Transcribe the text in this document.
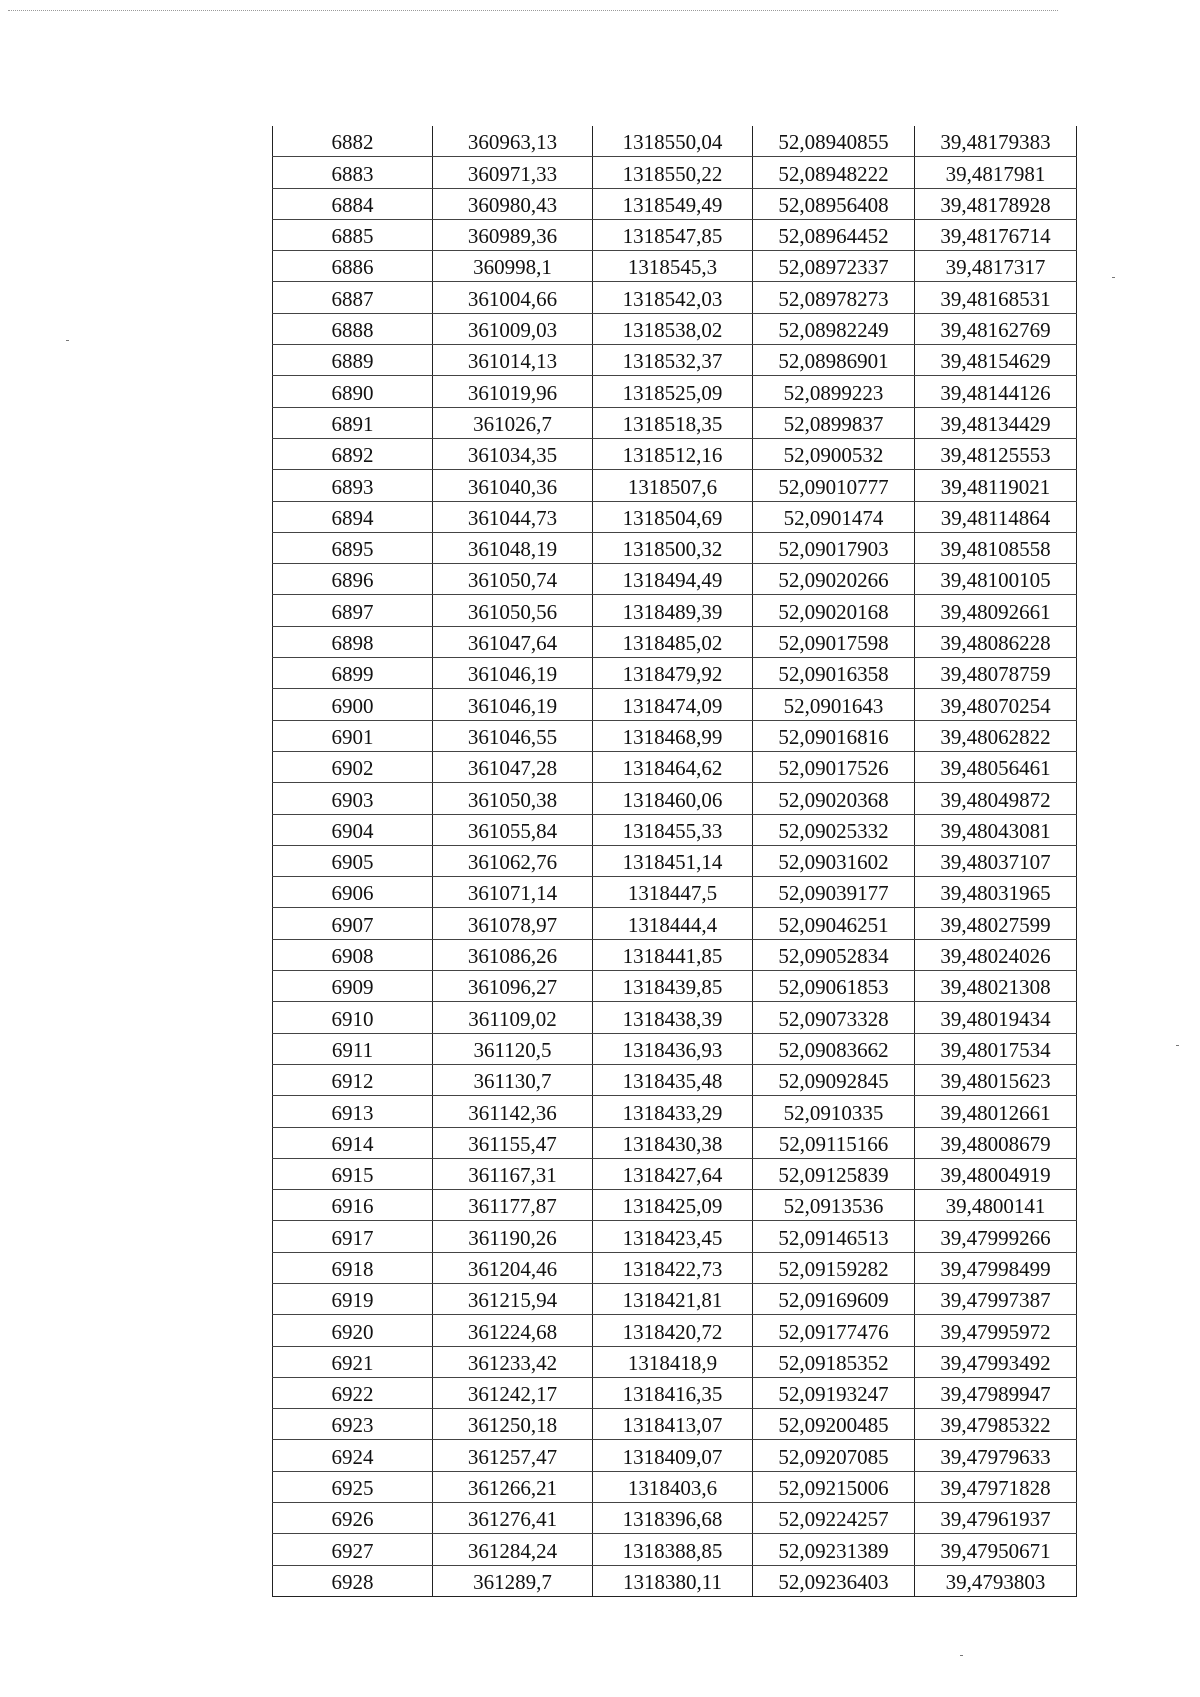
6882	360963,13	1318550,04	52,08940855	39,48179383
6883	360971,33	1318550,22	52,08948222	39,4817981
6884	360980,43	1318549,49	52,08956408	39,48178928
6885	360989,36	1318547,85	52,08964452	39,48176714
6886	360998,1	1318545,3	52,08972337	39,4817317
6887	361004,66	1318542,03	52,08978273	39,48168531
6888	361009,03	1318538,02	52,08982249	39,48162769
6889	361014,13	1318532,37	52,08986901	39,48154629
6890	361019,96	1318525,09	52,0899223	39,48144126
6891	361026,7	1318518,35	52,0899837	39,48134429
6892	361034,35	1318512,16	52,0900532	39,48125553
6893	361040,36	1318507,6	52,09010777	39,48119021
6894	361044,73	1318504,69	52,0901474	39,48114864
6895	361048,19	1318500,32	52,09017903	39,48108558
6896	361050,74	1318494,49	52,09020266	39,48100105
6897	361050,56	1318489,39	52,09020168	39,48092661
6898	361047,64	1318485,02	52,09017598	39,48086228
6899	361046,19	1318479,92	52,09016358	39,48078759
6900	361046,19	1318474,09	52,0901643	39,48070254
6901	361046,55	1318468,99	52,09016816	39,48062822
6902	361047,28	1318464,62	52,09017526	39,48056461
6903	361050,38	1318460,06	52,09020368	39,48049872
6904	361055,84	1318455,33	52,09025332	39,48043081
6905	361062,76	1318451,14	52,09031602	39,48037107
6906	361071,14	1318447,5	52,09039177	39,48031965
6907	361078,97	1318444,4	52,09046251	39,48027599
6908	361086,26	1318441,85	52,09052834	39,48024026
6909	361096,27	1318439,85	52,09061853	39,48021308
6910	361109,02	1318438,39	52,09073328	39,48019434
6911	361120,5	1318436,93	52,09083662	39,48017534
6912	361130,7	1318435,48	52,09092845	39,48015623
6913	361142,36	1318433,29	52,0910335	39,48012661
6914	361155,47	1318430,38	52,09115166	39,48008679
6915	361167,31	1318427,64	52,09125839	39,48004919
6916	361177,87	1318425,09	52,0913536	39,4800141
6917	361190,26	1318423,45	52,09146513	39,47999266
6918	361204,46	1318422,73	52,09159282	39,47998499
6919	361215,94	1318421,81	52,09169609	39,47997387
6920	361224,68	1318420,72	52,09177476	39,47995972
6921	361233,42	1318418,9	52,09185352	39,47993492
6922	361242,17	1318416,35	52,09193247	39,47989947
6923	361250,18	1318413,07	52,09200485	39,47985322
6924	361257,47	1318409,07	52,09207085	39,47979633
6925	361266,21	1318403,6	52,09215006	39,47971828
6926	361276,41	1318396,68	52,09224257	39,47961937
6927	361284,24	1318388,85	52,09231389	39,47950671
6928	361289,7	1318380,11	52,09236403	39,4793803
